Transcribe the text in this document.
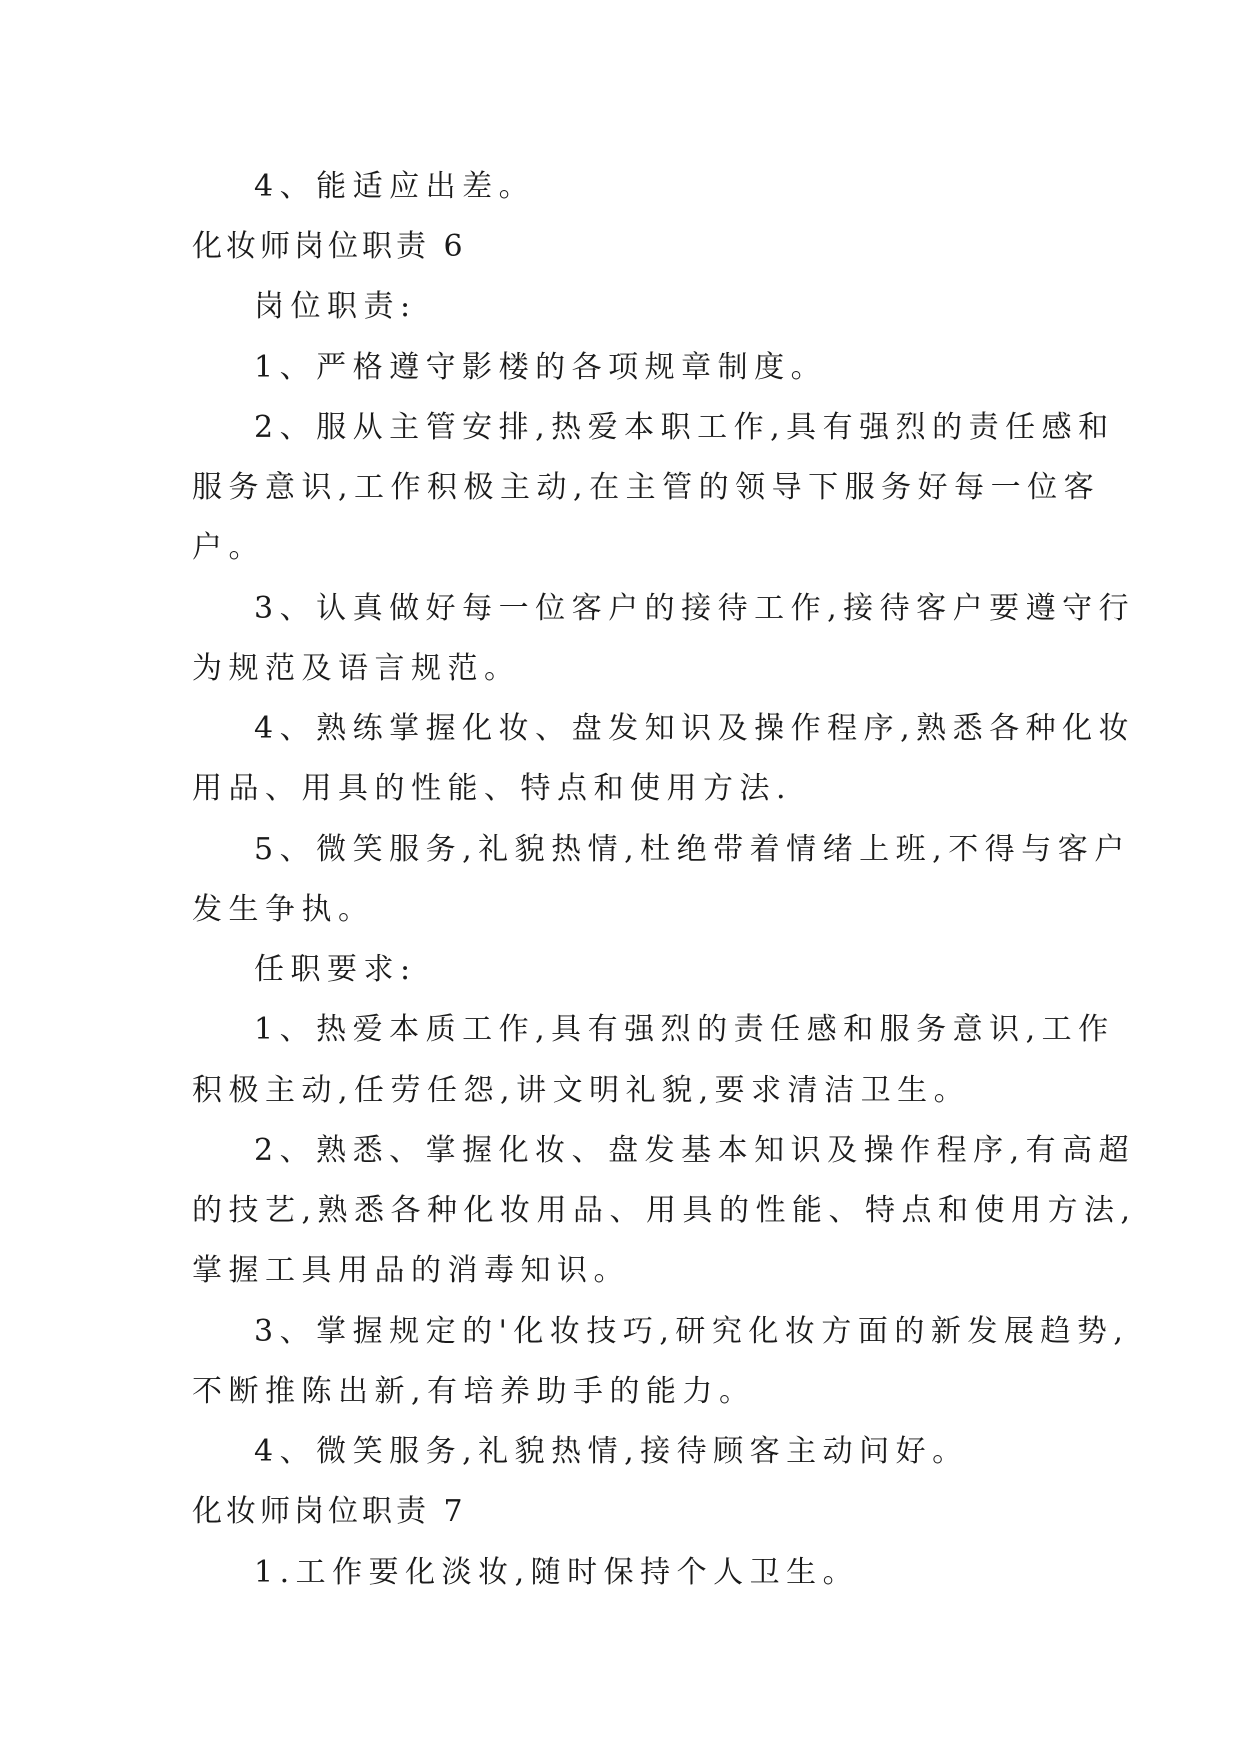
4、能适应出差。
化妆师岗位职责 6
岗位职责:
1、严格遵守影楼的各项规章制度。
2、服从主管安排,热爱本职工作,具有强烈的责任感和
服务意识,工作积极主动,在主管的领导下服务好每一位客
户。
3、认真做好每一位客户的接待工作,接待客户要遵守行
为规范及语言规范。
4、熟练掌握化妆、盘发知识及操作程序,熟悉各种化妆
用品、用具的性能、特点和使用方法.
5、微笑服务,礼貌热情,杜绝带着情绪上班,不得与客户
发生争执。
任职要求:
1、热爱本质工作,具有强烈的责任感和服务意识,工作
积极主动,任劳任怨,讲文明礼貌,要求清洁卫生。
2、熟悉、掌握化妆、盘发基本知识及操作程序,有高超
的技艺,熟悉各种化妆用品、用具的性能、特点和使用方法,
掌握工具用品的消毒知识。
3、掌握规定的'化妆技巧,研究化妆方面的新发展趋势,
不断推陈出新,有培养助手的能力。
4、微笑服务,礼貌热情,接待顾客主动问好。
化妆师岗位职责 7
1.工作要化淡妆,随时保持个人卫生。
